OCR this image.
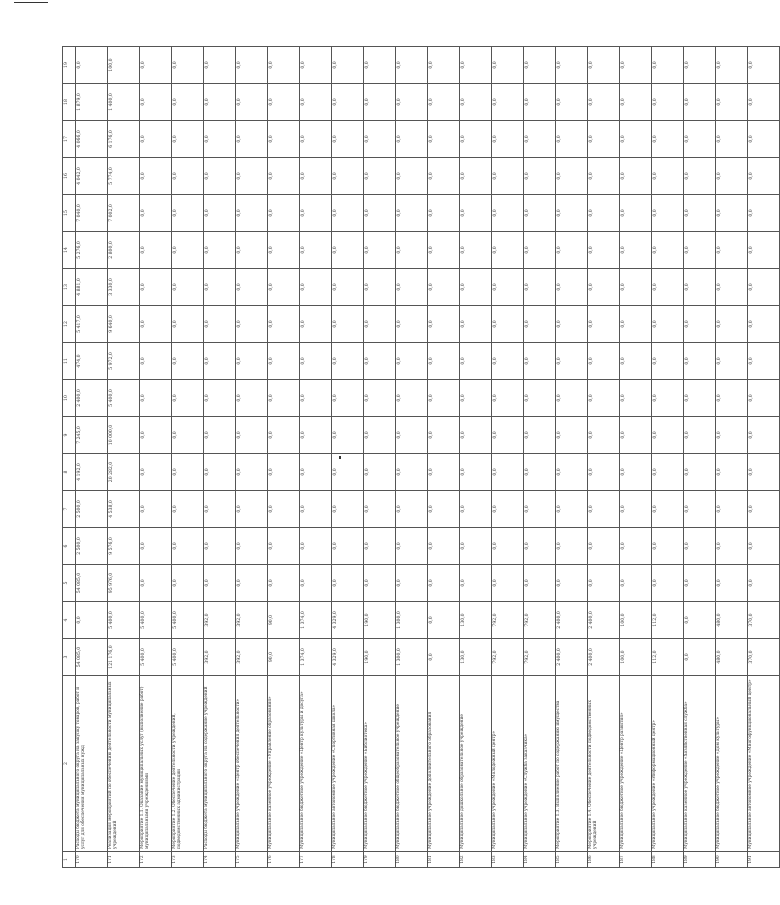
1	2	3	4	5	6	7	8	9	10	11	12	13	14	15	16	17	18	19
170	Расходы бюджета муниципального округа на закупку товаров, работ и услуг для обеспечения муниципальных нужд	54 085,0	0,0	54 085,0	2 500,0	2 500,0	4 192,0	7 245,0	2 400,0	474,0	5 417,0	4 881,0	5 276,0	7 040,0	4 042,0	4 066,0	1 879,0	0,0
171	Реализация мероприятий по обеспечению деятельности муниципальных учреждений	121 176,0	5 400,0	95 976,0	9 576,0	4 538,0	20 282,0	10 000,0	5 400,0	5 972,0	9 640,0	3 330,0	2 800,0	7 002,0	5 774,0	6 176,0	1 400,0	100,0
172	Мероприятие 1.1. Оказание муниципальных услуг (выполнение работ) муниципальными учреждениями	5 400,0	5 400,0	0,0	0,0	0,0	0,0	0,0	0,0	0,0	0,0	0,0	0,0	0,0	0,0	0,0	0,0	0,0
173	Мероприятие 1.2. Обеспечение деятельности учреждений, подведомственных администрации	5 400,0	5 400,0	0,0	0,0	0,0	0,0	0,0	0,0	0,0	0,0	0,0	0,0	0,0	0,0	0,0	0,0	0,0
174	Расходы бюджета муниципального округа на содержание учреждений	392,0	392,0	0,0	0,0	0,0	0,0	0,0	0,0	0,0	0,0	0,0	0,0	0,0	0,0	0,0	0,0	0,0
175	Муниципальное учреждение «Центр обеспечения деятельности»	392,0	392,0	0,0	0,0	0,0	0,0	0,0	0,0	0,0	0,0	0,0	0,0	0,0	0,0	0,0	0,0	0,0
176	Муниципальное казенное учреждение «Управление образования»	90,0	90,0	0,0	0,0	0,0	0,0	0,0	0,0	0,0	0,0	0,0	0,0	0,0	0,0	0,0	0,0	0,0
177	Муниципальное бюджетное учреждение «Центр культуры и досуга»	1 374,0	1 374,0	0,0	0,0	0,0	0,0	0,0	0,0	0,0	0,0	0,0	0,0	0,0	0,0	0,0	0,0	0,0
178	Муниципальное автономное учреждение «Спортивная школа»	4 329,0	4 329,0	0,0	0,0	0,0	0,0	0,0	0,0	0,0	0,0	0,0	0,0	0,0	0,0	0,0	0,0	0,0
179	Муниципальное бюджетное учреждение «Библиотека»	190,0	190,0	0,0	0,0	0,0	0,0	0,0	0,0	0,0	0,0	0,0	0,0	0,0	0,0	0,0	0,0	0,0
180	Муниципальное бюджетное общеобразовательное учреждение	1 300,0	1 300,0	0,0	0,0	0,0	0,0	0,0	0,0	0,0	0,0	0,0	0,0	0,0	0,0	0,0	0,0	0,0
181	Муниципальное учреждение дополнительного образования	0,0	0,0	0,0	0,0	0,0	0,0	0,0	0,0	0,0	0,0	0,0	0,0	0,0	0,0	0,0	0,0	0,0
182	Муниципальное дошкольное образовательное учреждение	130,0	130,0	0,0	0,0	0,0	0,0	0,0	0,0	0,0	0,0	0,0	0,0	0,0	0,0	0,0	0,0	0,0
183	Муниципальное учреждение «Молодежный центр»	792,0	792,0	0,0	0,0	0,0	0,0	0,0	0,0	0,0	0,0	0,0	0,0	0,0	0,0	0,0	0,0	0,0
184	Муниципальное учреждение «Служба заказчика»	792,0	792,0	0,0	0,0	0,0	0,0	0,0	0,0	0,0	0,0	0,0	0,0	0,0	0,0	0,0	0,0	0,0
185	Мероприятие 1.3. Выполнение работ по содержанию имущества	2 400,0	2 400,0	0,0	0,0	0,0	0,0	0,0	0,0	0,0	0,0	0,0	0,0	0,0	0,0	0,0	0,0	0,0
186	Мероприятие 1.4. Обеспечение деятельности подведомственных учреждений	2 400,0	2 400,0	0,0	0,0	0,0	0,0	0,0	0,0	0,0	0,0	0,0	0,0	0,0	0,0	0,0	0,0	0,0
187	Муниципальное бюджетное учреждение «Центр развития»	100,0	100,0	0,0	0,0	0,0	0,0	0,0	0,0	0,0	0,0	0,0	0,0	0,0	0,0	0,0	0,0	0,0
188	Муниципальное учреждение «Информационный центр»	112,0	112,0	0,0	0,0	0,0	0,0	0,0	0,0	0,0	0,0	0,0	0,0	0,0	0,0	0,0	0,0	0,0
189	Муниципальное казенное учреждение «Хозяйственная служба»	0,0	0,0	0,0	0,0	0,0	0,0	0,0	0,0	0,0	0,0	0,0	0,0	0,0	0,0	0,0	0,0	0,0
190	Муниципальное бюджетное учреждение «Дом культуры»	480,0	480,0	0,0	0,0	0,0	0,0	0,0	0,0	0,0	0,0	0,0	0,0	0,0	0,0	0,0	0,0	0,0
191	Муниципальное автономное учреждение «Многофункциональный центр»	370,0	370,0	0,0	0,0	0,0	0,0	0,0	0,0	0,0	0,0	0,0	0,0	0,0	0,0	0,0	0,0	0,0
